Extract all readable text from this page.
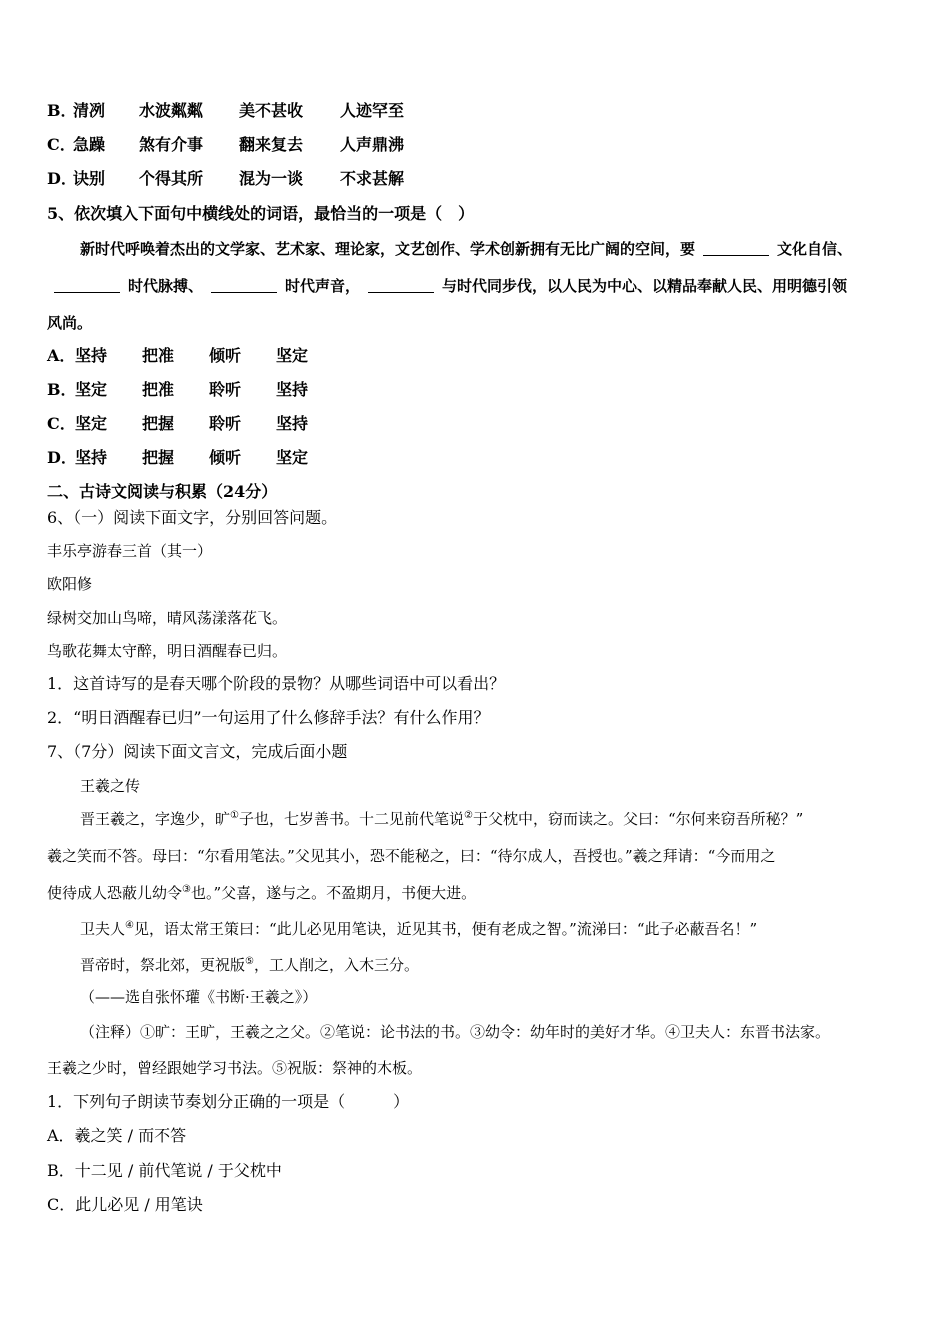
B．清冽 水波粼粼 美不甚收 人迹罕至
C．急躁 煞有介事 翻来复去 人声鼎沸
D．诀别 个得其所 混为一谈 不求甚解
5、依次填入下面句中横线处的词语，最恰当的一项是（　）
新时代呼唤着杰出的文学家、艺术家、理论家，文艺创作、学术创新拥有无比广阔的空间，要	文化自信、
时代脉搏、	时代声音，	与时代同步伐，以人民为中心、以精品奉献人民、用明德引领
风尚。
A．坚持 把准 倾听 坚定
B．坚定 把准 聆听 坚持
C．坚定 把握 聆听 坚持
D．坚持 把握 倾听 坚定
二、古诗文阅读与积累（24分）
6、（一）阅读下面文字，分别回答问题。
丰乐亭游春三首（其一）
欧阳修
绿树交加山鸟啼，晴风荡漾落花飞。
鸟歌花舞太守醉，明日酒醒春已归。
1．这首诗写的是春天哪个阶段的景物？从哪些词语中可以看出？
2．“明日酒醒春已归”一句运用了什么修辞手法？有什么作用？
7、（7分）阅读下面文言文，完成后面小题
王羲之传
晋王羲之，字逸少，旷①子也，七岁善书。十二见前代笔说②于父枕中，窃而读之。父曰：“尔何来窃吾所秘？”
羲之笑而不答。母曰：“尔看用笔法。”父见其小，恐不能秘之，曰：“待尔成人，吾授也。”羲之拜请：“今而用之
使待成人恐蔽儿幼令③也。”父喜，遂与之。不盈期月，书便大进。
卫夫人④见，语太常王策曰：“此儿必见用笔诀，近见其书，便有老成之智。”流涕曰：“此子必蔽吾名！”
晋帝时，祭北郊，更祝版⑤，工人削之，入木三分。
（——选自张怀瓘《书断·王羲之》）
（注释）①旷：王旷，王羲之之父。②笔说：论书法的书。③幼令：幼年时的美好才华。④卫夫人：东晋书法家。
王羲之少时，曾经跟她学习书法。⑤祝版：祭神的木板。
1．下列句子朗读节奏划分正确的一项是（　　　）
A．羲之笑 / 而不答
B．十二见 / 前代笔说 / 于父枕中
C．此儿必见 / 用笔诀
